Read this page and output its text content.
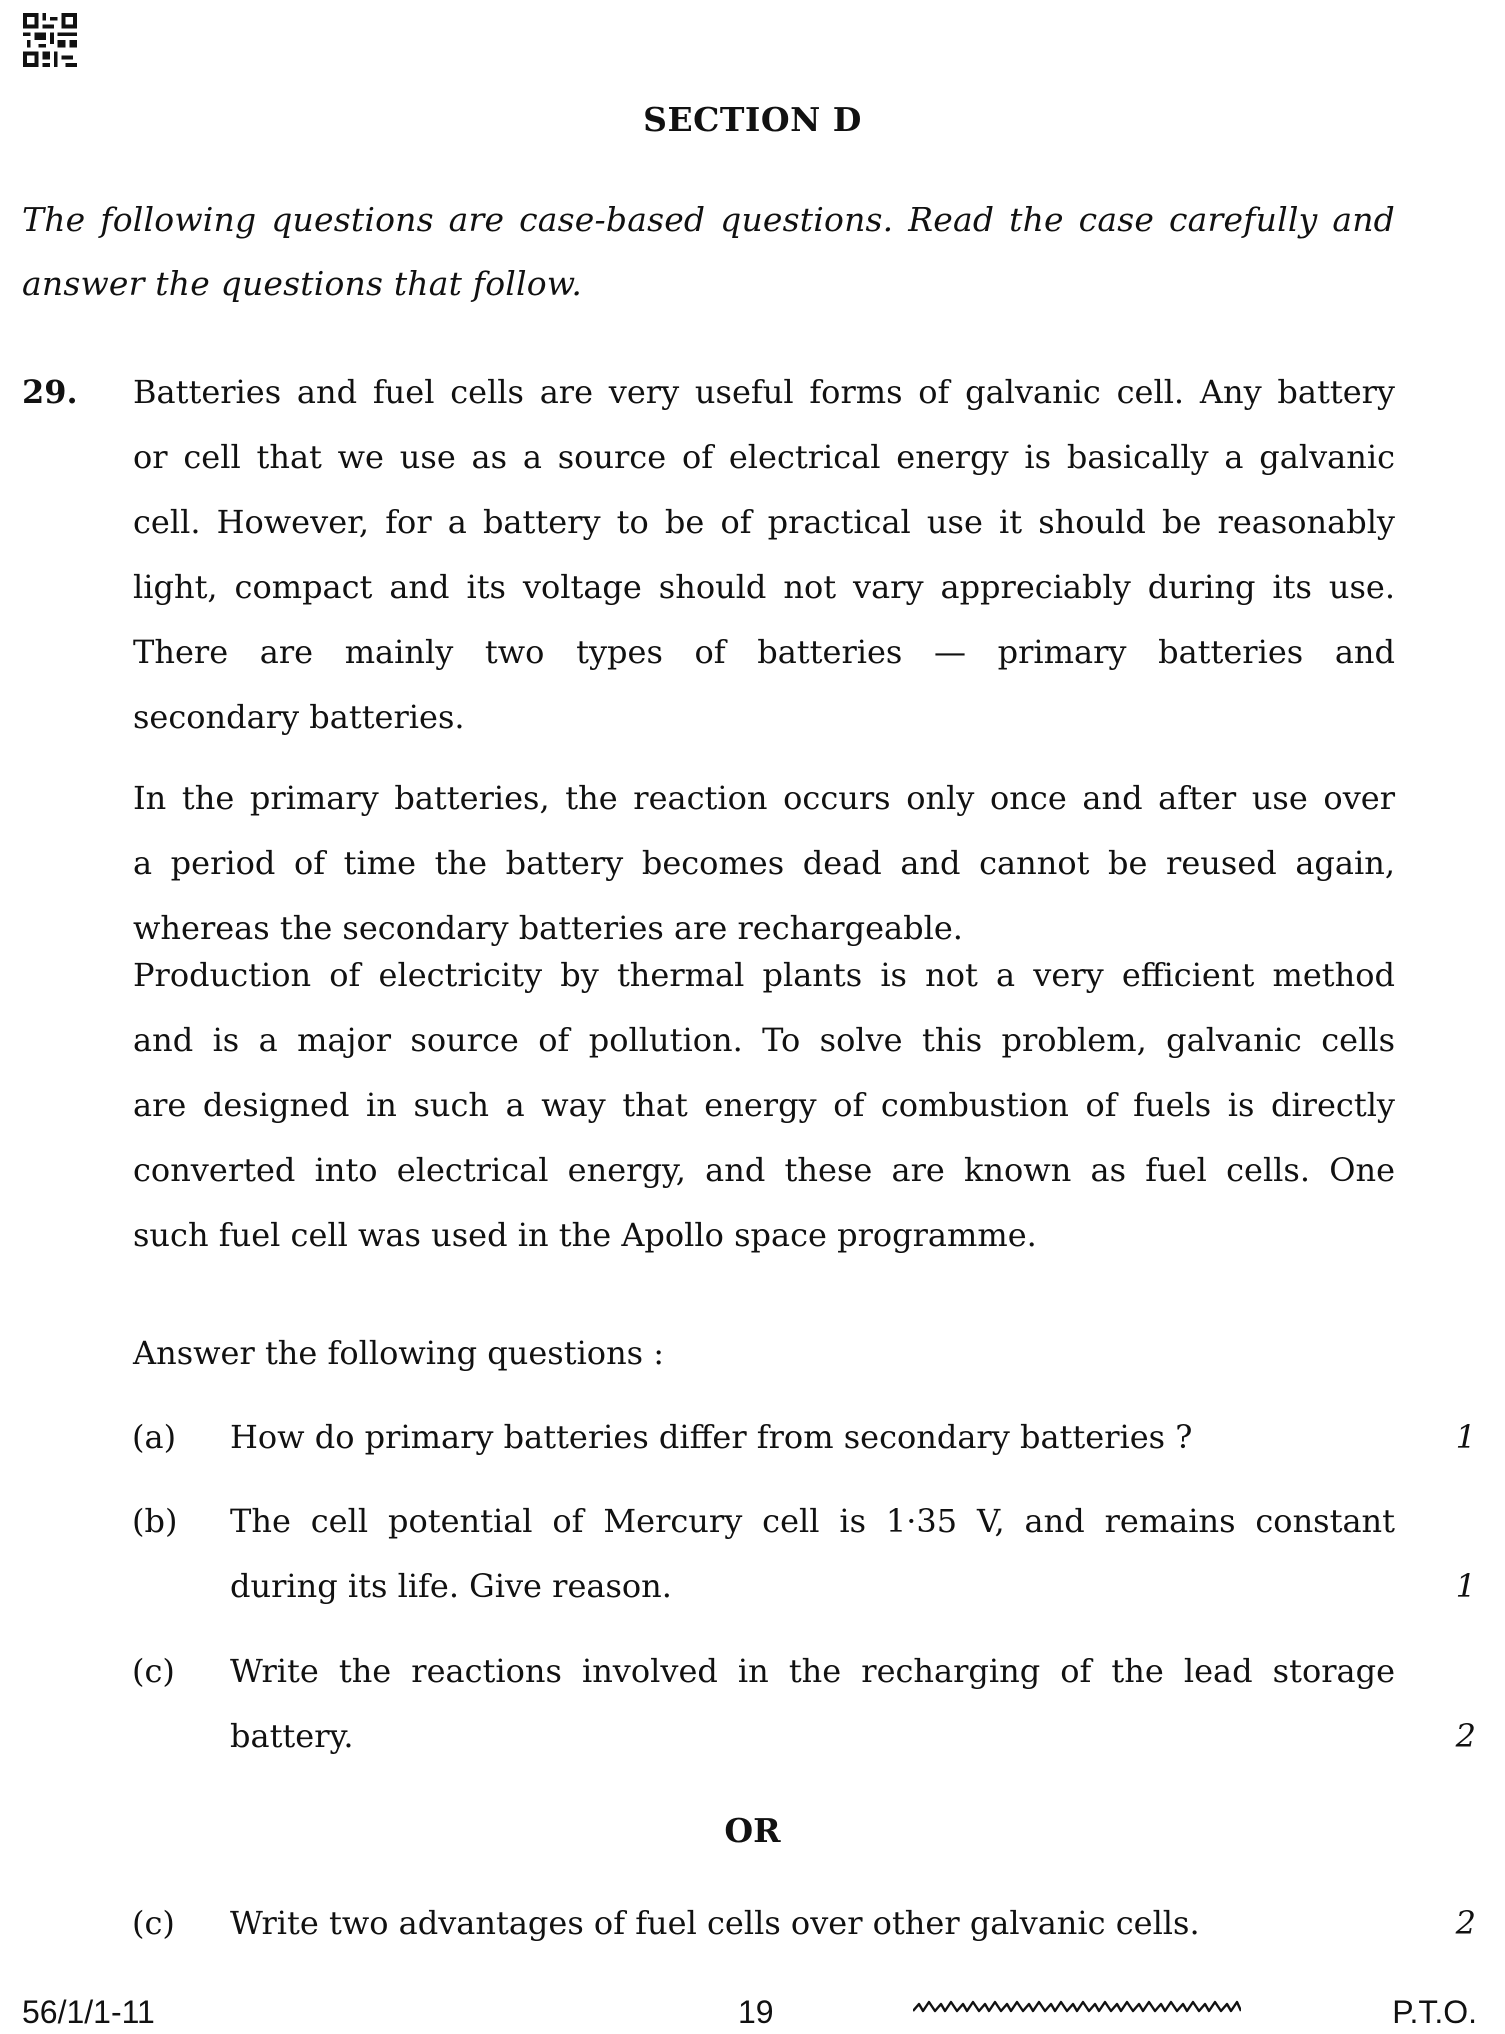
SECTION D
The following questions are case-based questions. Read the case carefully and
answer the questions that follow.
29. Batteries and fuel cells are very useful forms of galvanic cell. Any battery
or cell that we use as a source of electrical energy is basically a galvanic
cell. However, for a battery to be of practical use it should be reasonably
light, compact and its voltage should not vary appreciably during its use.
There are mainly two types of batteries — primary batteries and
secondary batteries.
In the primary batteries, the reaction occurs only once and after use over
a period of time the battery becomes dead and cannot be reused again,
whereas the secondary batteries are rechargeable.
Production of electricity by thermal plants is not a very efficient method
and is a major source of pollution. To solve this problem, galvanic cells
are designed in such a way that energy of combustion of fuels is directly
converted into electrical energy, and these are known as fuel cells. One
such fuel cell was used in the Apollo space programme.
Answer the following questions :
(a) How do primary batteries differ from secondary batteries ?	1
(b) The cell potential of Mercury cell is 1·35 V, and remains constant
during its life. Give reason.	1
(c) Write the reactions involved in the recharging of the lead storage
battery.	2
OR
(c) Write two advantages of fuel cells over other galvanic cells.	2
56/1/1-11	19	P.T.O.
